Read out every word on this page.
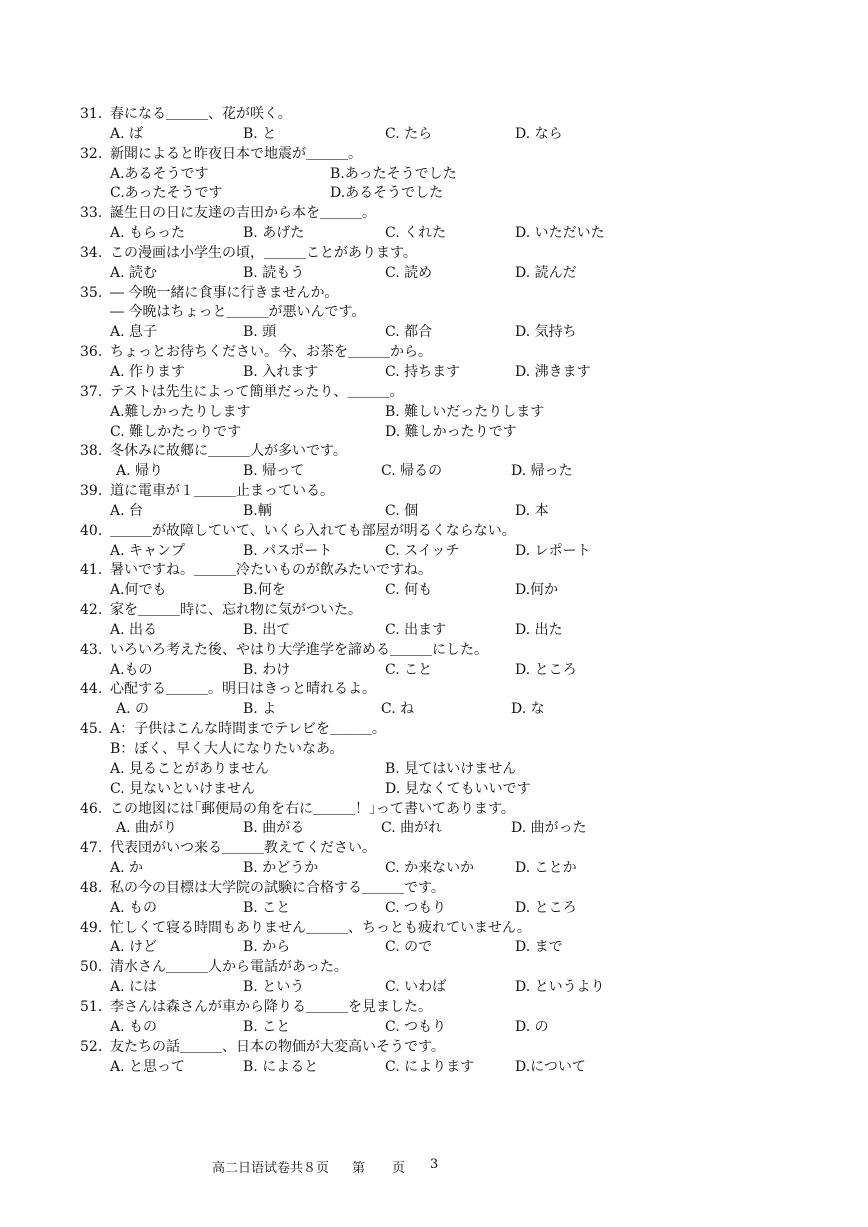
31. 春になる＿＿＿、花が咲く。
A. ば	B. と	C. たら	D. なら
32. 新聞によると昨夜日本で地震が＿＿＿。
A.あるそうです	B.あったそうでした
C.あったそうです	D.あるそうでした
33. 誕生日の日に友達の吉田から本を＿＿＿。
A. もらった	B. あげた	C. くれた	D. いただいた
34. この漫画は小学生の頃，＿＿＿ことがあります。
A. 読む	B. 読もう	C. 読め	D. 読んだ
35. ― 今晩一緒に食事に行きませんか。
― 今晩はちょっと＿＿＿が悪いんです。
A. 息子	B. 頭	C. 都合	D. 気持ち
36. ちょっとお待ちください。今、お茶を＿＿＿から。
A. 作ります	B. 入れます	C. 持ちます	D. 沸きます
37. テストは先生によって簡単だったり、＿＿＿。
A.難しかったりします	B. 難しいだったりします
C. 難しかたっりです	D. 難しかったりです
38. 冬休みに故郷に＿＿＿人が多いです。
A. 帰り	B. 帰って	C. 帰るの	D. 帰った
39. 道に電車が１＿＿＿止まっている。
A. 台	B.輌	C. 個	D. 本
40. ＿＿＿が故障していて、いくら入れても部屋が明るくならない。
A. キャンプ	B. パスポート	C. スイッチ	D. レポート
41. 暑いですね。＿＿＿冷たいものが飲みたいですね。
A.何でも	B.何を	C. 何も	D.何か
42. 家を＿＿＿時に、忘れ物に気がついた。
A. 出る	B. 出て	C. 出ます	D. 出た
43. いろいろ考えた後、やはり大学進学を諦める＿＿＿にした。
A.もの	B. わけ	C. こと	D. ところ
44. 心配する＿＿＿。明日はきっと晴れるよ。
A. の	B. よ	C. ね	D. な
45. A：子供はこんな時間までテレビを＿＿＿。
B：ぼく、早く大人になりたいなあ。
A. 見ることがありません	B. 見てはいけません
C. 見ないといけません	D. 見なくてもいいです
46. この地図には｢郵便局の角を右に＿＿＿！｣って書いてあります。
A. 曲がり	B. 曲がる	C. 曲がれ	D. 曲がった
47. 代表団がいつ来る＿＿＿教えてください。
A. か	B. かどうか	C. か来ないか	D. ことか
48. 私の今の目標は大学院の試験に合格する＿＿＿です。
A. もの	B. こと	C. つもり	D. ところ
49. 忙しくて寝る時間もありません＿＿＿、ちっとも疲れていません。
A. けど	B. から	C. ので	D. まで
50. 清水さん＿＿＿人から電話があった。
A. には	B. という	C. いわば	D. というより
51. 李さんは森さんが車から降りる＿＿＿を見ました。
A. もの	B. こと	C. つもり	D. の
52. 友たちの話＿＿＿、日本の物価が大変高いそうです。
A. と思って	B. によると	C. によります	D.について
高二日语试卷共８页 第 页 3
